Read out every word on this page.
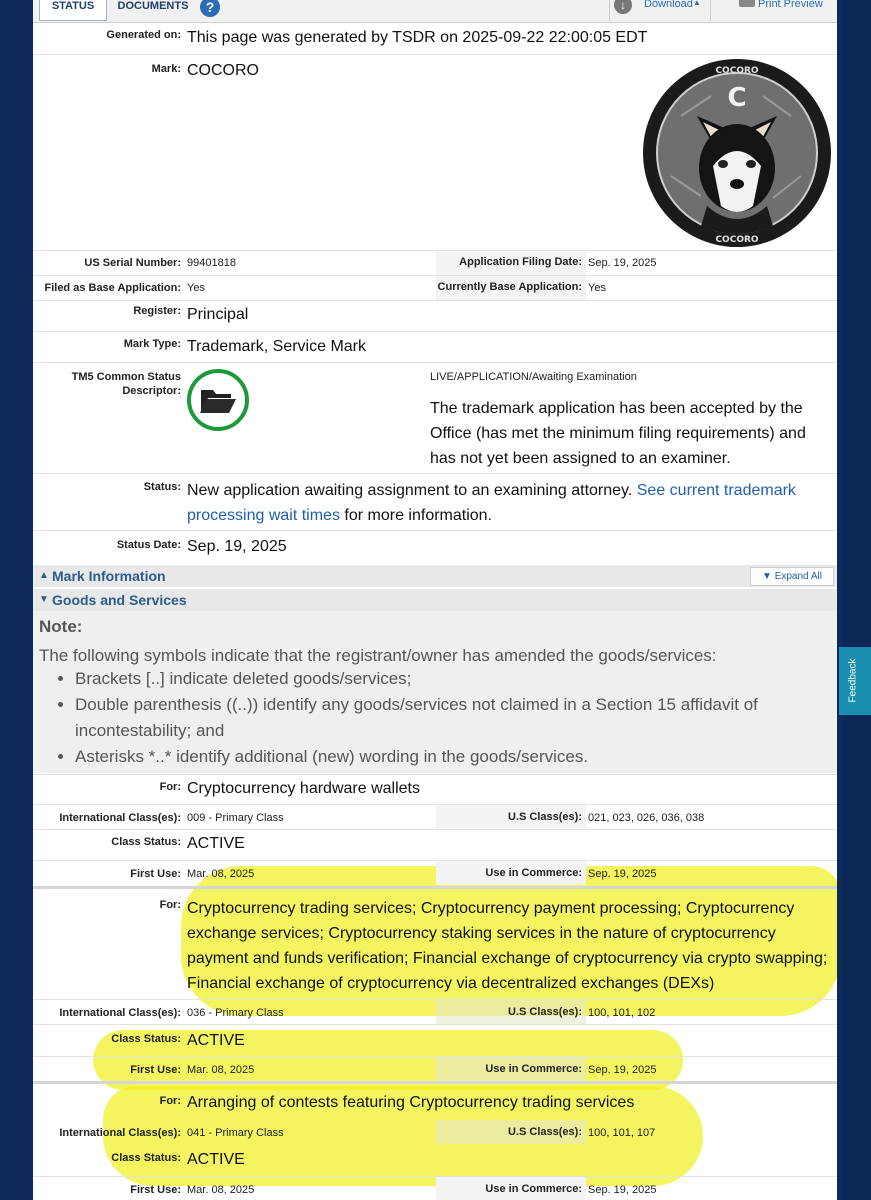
STATUS	DOCUMENTS	?	↓	Download ▲	Print Preview
Generated on: This page was generated by TSDR on 2025-09-22 22:00:05 EDT
Mark: COCORO
C
COCORO
COCORO
US Serial Number: 99401818	Application Filing Date: Sep. 19, 2025
Filed as Base Application: Yes	Currently Base Application: Yes
Register: Principal
Mark Type: Trademark, Service Mark
TM5 Common Status
Descriptor:
LIVE/APPLICATION/Awaiting Examination
The trademark application has been accepted by the Office (has met the minimum filing requirements) and has not yet been assigned to an examiner.
Status: New application awaiting assignment to an examining attorney. See current trademark processing wait times for more information.
Status Date: Sep. 19, 2025
▲ Mark Information	▼ Expand All
▼ Goods and Services
Note:
The following symbols indicate that the registrant/owner has amended the goods/services:
• Brackets [..] indicate deleted goods/services;
• Double parenthesis ((..)) identify any goods/services not claimed in a Section 15 affidavit of incontestability; and
• Asterisks *..* identify additional (new) wording in the goods/services.
For: Cryptocurrency hardware wallets
International Class(es): 009 - Primary Class	U.S Class(es): 021, 023, 026, 036, 038
Class Status: ACTIVE
First Use: Mar. 08, 2025	Use in Commerce: Sep. 19, 2025
For: Cryptocurrency trading services; Cryptocurrency payment processing; Cryptocurrency exchange services; Cryptocurrency staking services in the nature of cryptocurrency payment and funds verification; Financial exchange of cryptocurrency via crypto swapping; Financial exchange of cryptocurrency via decentralized exchanges (DEXs)
International Class(es): 036 - Primary Class	U.S Class(es): 100, 101, 102
Class Status: ACTIVE
First Use: Mar. 08, 2025	Use in Commerce: Sep. 19, 2025
For: Arranging of contests featuring Cryptocurrency trading services
International Class(es): 041 - Primary Class	U.S Class(es): 100, 101, 107
Class Status: ACTIVE
First Use: Mar. 08, 2025	Use in Commerce: Sep. 19, 2025
Feedback
